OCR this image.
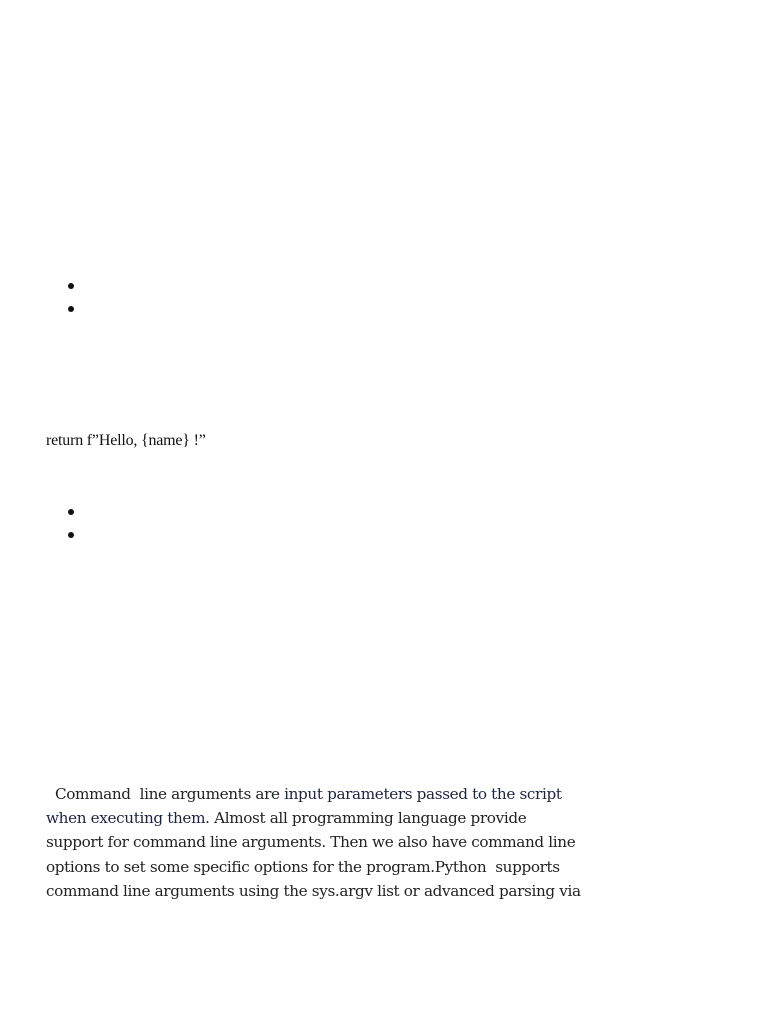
return f”Hello, {name} !”
Command  line arguments are input parameters passed to the script
when executing them. Almost all programming language provide
support for command line arguments. Then we also have command line
options to set some specific options for the program.Python  supports
command line arguments using the sys.argv list or advanced parsing via
